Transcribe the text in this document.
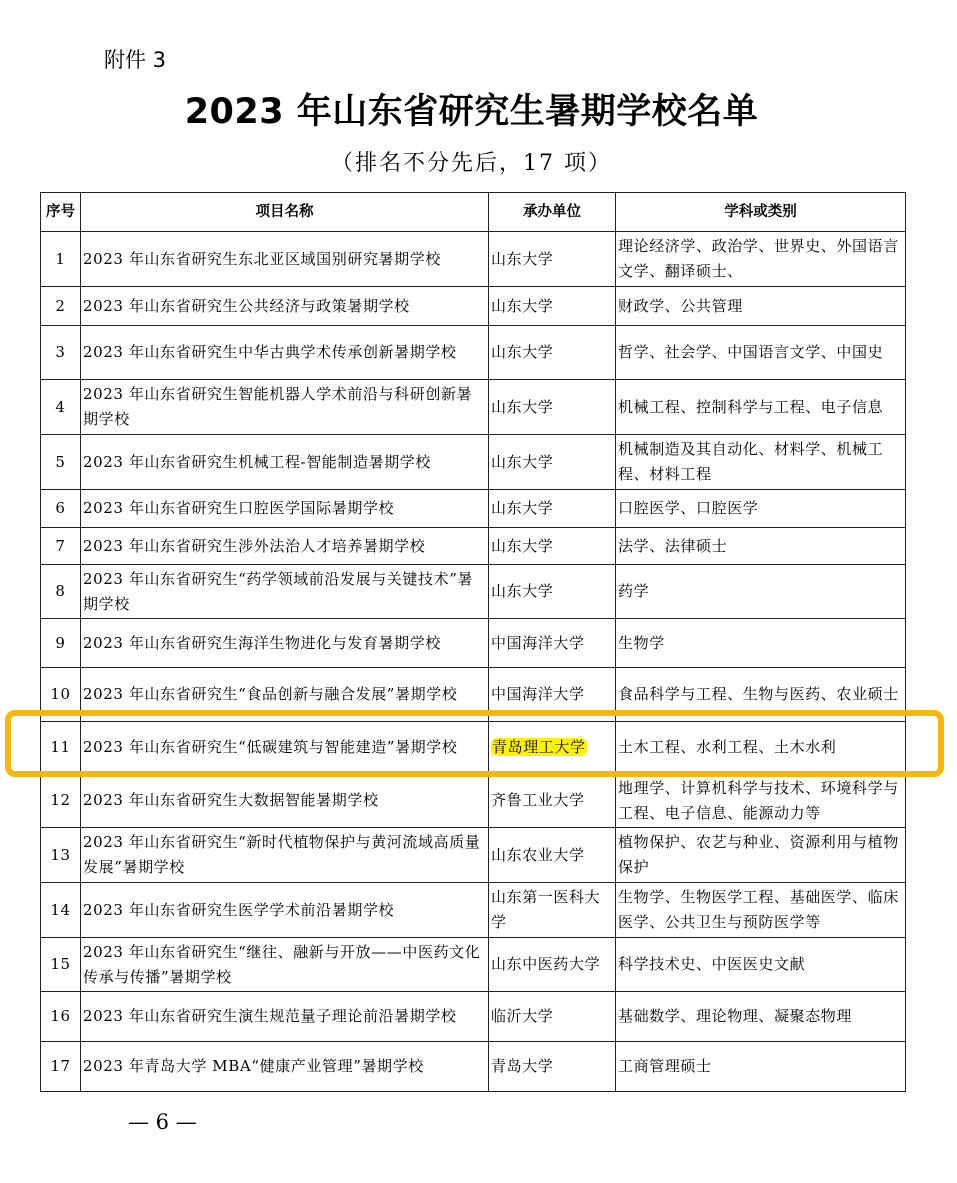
附件 3
2023 年山东省研究生暑期学校名单
（排名不分先后，17 项）
序号	项目名称	承办单位	学科或类别
1	2023 年山东省研究生东北亚区域国别研究暑期学校	山东大学	理论经济学、政治学、世界史、外国语言文学、翻译硕士、
2	2023 年山东省研究生公共经济与政策暑期学校	山东大学	财政学、公共管理
3	2023 年山东省研究生中华古典学术传承创新暑期学校	山东大学	哲学、社会学、中国语言文学、中国史
4	2023 年山东省研究生智能机器人学术前沿与科研创新暑期学校	山东大学	机械工程、控制科学与工程、电子信息
5	2023 年山东省研究生机械工程-智能制造暑期学校	山东大学	机械制造及其自动化、材料学、机械工程、材料工程
6	2023 年山东省研究生口腔医学国际暑期学校	山东大学	口腔医学、口腔医学
7	2023 年山东省研究生涉外法治人才培养暑期学校	山东大学	法学、法律硕士
8	2023 年山东省研究生“药学领域前沿发展与关键技术”暑期学校	山东大学	药学
9	2023 年山东省研究生海洋生物进化与发育暑期学校	中国海洋大学	生物学
10	2023 年山东省研究生“食品创新与融合发展”暑期学校	中国海洋大学	食品科学与工程、生物与医药、农业硕士
11	2023 年山东省研究生“低碳建筑与智能建造”暑期学校	青岛理工大学	土木工程、水利工程、土木水利
12	2023 年山东省研究生大数据智能暑期学校	齐鲁工业大学	地理学、计算机科学与技术、环境科学与工程、电子信息、能源动力等
13	2023 年山东省研究生“新时代植物保护与黄河流域高质量发展”暑期学校	山东农业大学	植物保护、农艺与种业、资源利用与植物保护
14	2023 年山东省研究生医学学术前沿暑期学校	山东第一医科大学	生物学、生物医学工程、基础医学、临床医学、公共卫生与预防医学等
15	2023 年山东省研究生“继往、融新与开放——中医药文化传承与传播”暑期学校	山东中医药大学	科学技术史、中医医史文献
16	2023 年山东省研究生演生规范量子理论前沿暑期学校	临沂大学	基础数学、理论物理、凝聚态物理
17	2023 年青岛大学 MBA“健康产业管理”暑期学校	青岛大学	工商管理硕士
— 6 —
